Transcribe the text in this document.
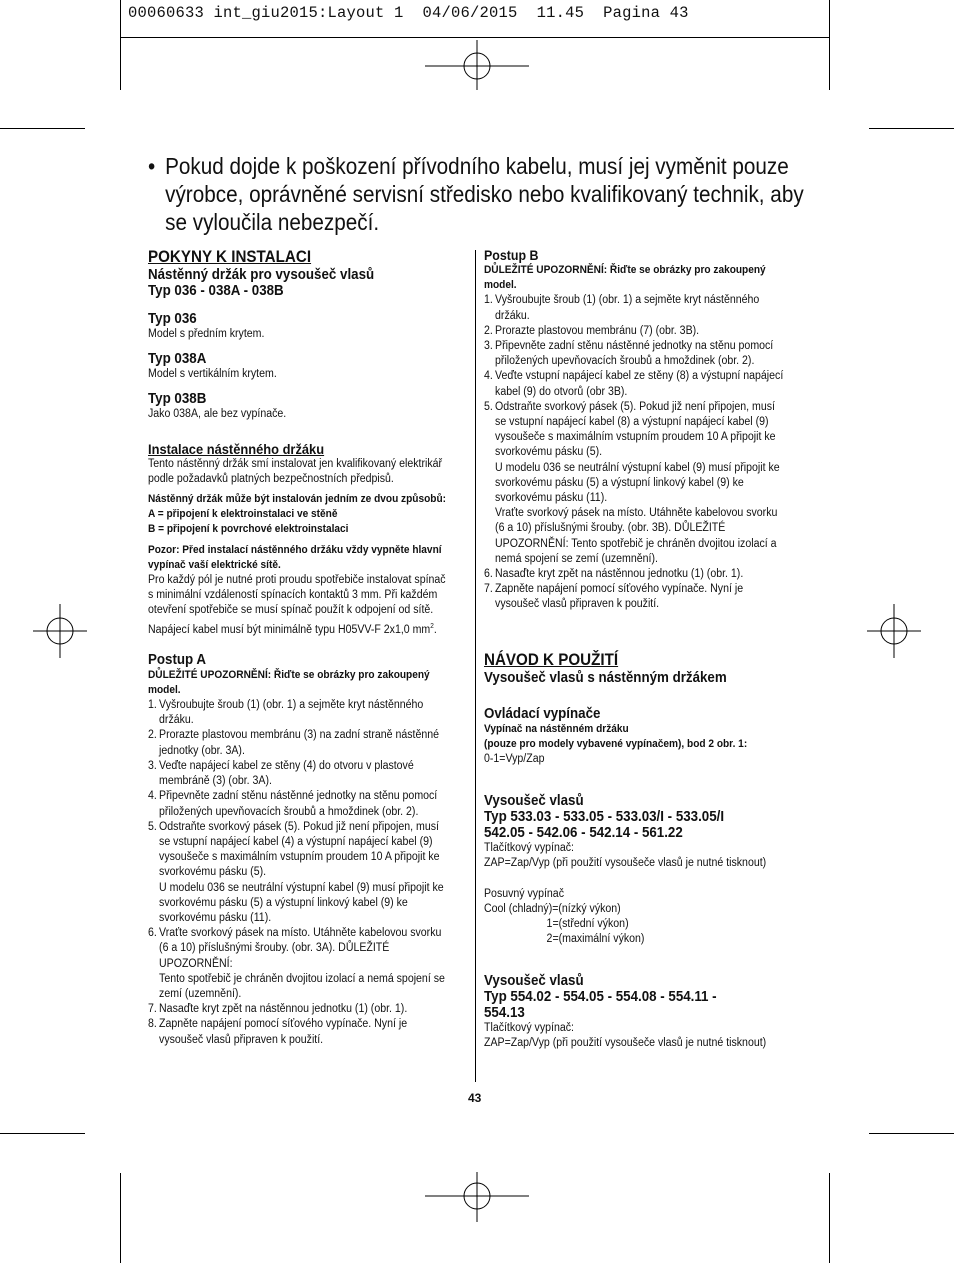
00060633 int_giu2015:Layout 1  04/06/2015  11.45  Pagina 43
• Pokud dojde k poškození přívodního kabelu, musí jej vyměnit pouze výrobce, oprávněné servisní středisko nebo kvalifikovaný technik, aby se vyloučila nebezpečí.

POKYNY K INSTALACI

Nástěnný držák pro vysoušeč vlasů

Typ 036 - 038A - 038B

Typ 036

Model s předním krytem.

Typ 038A

Model s vertikálním krytem.

Typ 038B

Jako 038A, ale bez vypínače.

Instalace nástěnného držáku

Tento nástěnný držák smí instalovat jen kvalifikovaný elektrikář podle požadavků platných bezpečnostních předpisů.

Nástěnný držák může být instalován jedním ze dvou způsobů:

A = připojení k elektroinstalaci ve stěně

B = připojení k povrchové elektroinstalaci

Pozor: Před instalací nástěnného držáku vždy vypněte hlavní vypínač vaší elektrické sítě.

Pro každý pól je nutné proti proudu spotřebiče instalovat spínač s minimální vzdáleností spínacích kontaktů 3 mm. Při každém otevření spotřebiče se musí spínač použít k odpojení od sítě.

Napájecí kabel musí být minimálně typu H05VV-F 2x1,0 $mm^2$.

Postup A

DŮLEŽITÉ UPOZORNĚNÍ: Řiďte se obrázky pro zakoupený model.

1. Vyšroubujte šroub (1) (obr. 1) a sejměte kryt nástěnného držáku.
2. Prorazte plastovou membránu (3) na zadní straně nástěnné jednotky (obr. 3A).
3. Veďte napájecí kabel ze stěny (4) do otvoru v plastové membráně (3) (obr. 3A).
4. Připevněte zadní stěnu nástěnné jednotky na stěnu pomocí přiložených upevňovacích šroubů a hmoždinek (obr. 2).
5. Odstraňte svorkový pásek (5). Pokud již není připojen, musí se vstupní napájecí kabel (4) a výstupní napájecí kabel (9) vysoušeče s maximálním vstupním proudem 10 A připojit ke svorkovému pásku (5).
U modelu 036 se neutrální výstupní kabel (9) musí připojit ke svorkovému pásku (5) a výstupní linkový kabel (9) ke svorkovému pásku (11).
6. Vraťte svorkový pásek na místo. Utáhněte kabelovou svorku (6 a 10) příslušnými šrouby. (obr. 3A). DŮLEŽITÉ UPOZORNĚNÍ:
Tento spotřebič je chráněn dvojitou izolací a nemá spojení se zemí (uzemnění).
7. Nasaďte kryt zpět na nástěnnou jednotku (1) (obr. 1).
8. Zapněte napájení pomocí síťového vypínače. Nyní je vysoušeč vlasů připraven k použití.

Postup B

DŮLEŽITÉ UPOZORNĚNÍ: Řiďte se obrázky pro zakoupený model.

1. Vyšroubujte šroub (1) (obr. 1) a sejměte kryt nástěnného držáku.
2. Prorazte plastovou membránu (7) (obr. 3B).
3. Připevněte zadní stěnu nástěnné jednotky na stěnu pomocí přiložených upevňovacích šroubů a hmoždinek (obr. 2).
4. Veďte vstupní napájecí kabel ze stěny (8) a výstupní napájecí kabel (9) do otvorů (obr 3B).
5. Odstraňte svorkový pásek (5). Pokud již není připojen, musí se vstupní napájecí kabel (8) a výstupní napájecí kabel (9) vysoušeče s maximálním vstupním proudem 10 A připojit ke svorkovému pásku (5).
U modelu 036 se neutrální výstupní kabel (9) musí připojit ke svorkovému pásku (5) a výstupní linkový kabel (9) ke svorkovému pásku (11).
Vraťte svorkový pásek na místo. Utáhněte kabelovou svorku (6 a 10) příslušnými šrouby. (obr. 3B). DŮLEŽITÉ UPOZORNĚNÍ: Tento spotřebič je chráněn dvojitou izolací a nemá spojení se zemí (uzemnění).
6. Nasaďte kryt zpět na nástěnnou jednotku (1) (obr. 1).
7. Zapněte napájení pomocí síťového vypínače. Nyní je vysoušeč vlasů připraven k použití.

NÁVOD K POUŽITÍ

Vysoušeč vlasů s nástěnným držákem

Ovládací vypínače

Vypínač na nástěnném držáku

(pouze pro modely vybavené vypínačem), bod 2 obr. 1:

0-1=Vyp/Zap

Vysoušeč vlasů

Typ 533.03 - 533.05 - 533.03/I - 533.05/I

542.05 - 542.06 - 542.14 - 561.22

Tlačítkový vypínač:

ZAP=Zap/Vyp (při použití vysoušeče vlasů je nutné tisknout)

Posuvný vypínač

Cool (chladný)=(nízký výkon)

1=(střední výkon)

2=(maximální výkon)

Vysoušeč vlasů

Typ 554.02 - 554.05 - 554.08 - 554.11 -

554.13

Tlačítkový vypínač:

ZAP=Zap/Vyp (při použití vysoušeče vlasů je nutné tisknout)

43
